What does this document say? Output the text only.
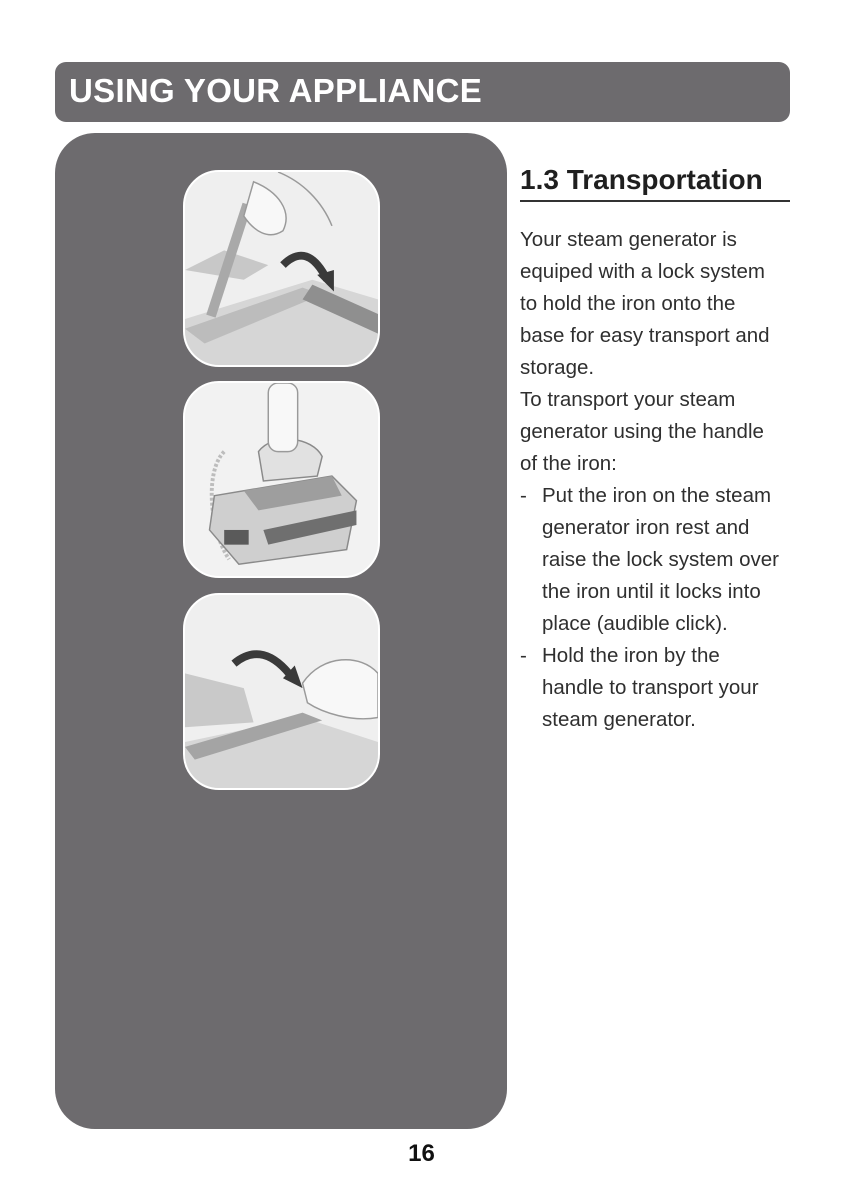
USING YOUR APPLIANCE
1.3 Transportation

Your steam generator is equiped with a lock system to hold the iron onto the base for easy transport and storage.

To transport your steam generator using the handle of the iron:

- Put the iron on the steam generator iron rest and raise the lock system over the iron until it locks into place (audible click).

- Hold the iron by the handle to transport your steam generator.

16
